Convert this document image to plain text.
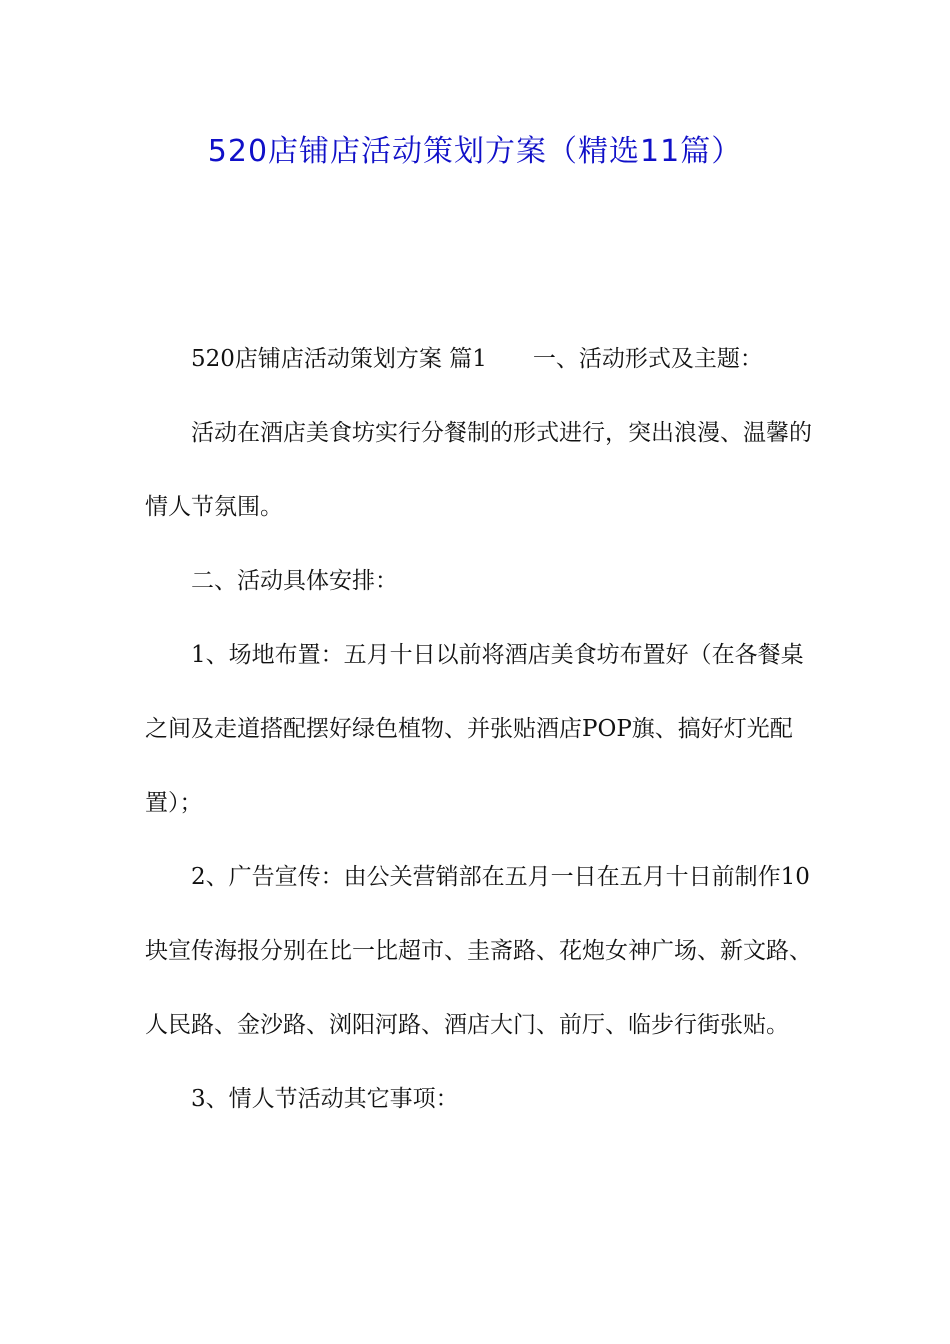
520店铺店活动策划方案（精选11篇）

520店铺店活动策划方案 篇1 一、活动形式及主题：

活动在酒店美食坊实行分餐制的形式进行，突出浪漫、温馨的情人节氛围。

二、活动具体安排：

1、场地布置：五月十日以前将酒店美食坊布置好（在各餐桌之间及走道搭配摆好绿色植物、并张贴酒店POP旗、搞好灯光配置）；

2、广告宣传：由公关营销部在五月一日在五月十日前制作10块宣传海报分别在比一比超市、圭斋路、花炮女神广场、新文路、人民路、金沙路、浏阳河路、酒店大门、前厅、临步行街张贴。

3、情人节活动其它事项：
